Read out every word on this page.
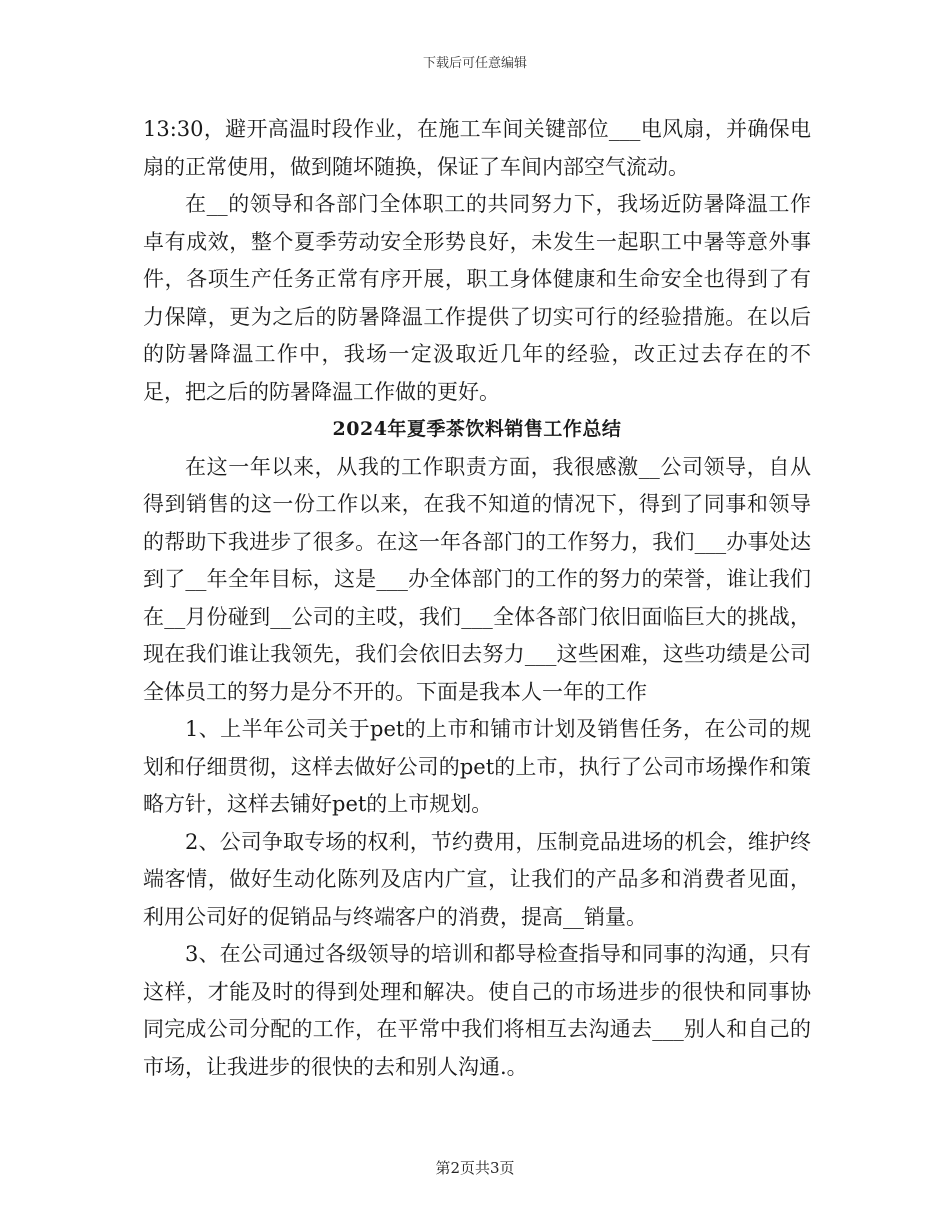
下载后可任意编辑

13:30，避开高温时段作业，在施工车间关键部位___电风扇，并确保电扇的正常使用，做到随坏随换，保证了车间内部空气流动。

在__的领导和各部门全体职工的共同努力下，我场近防暑降温工作卓有成效，整个夏季劳动安全形势良好，未发生一起职工中暑等意外事件，各项生产任务正常有序开展，职工身体健康和生命安全也得到了有力保障，更为之后的防暑降温工作提供了切实可行的经验措施。在以后的防暑降温工作中，我场一定汲取近几年的经验，改正过去存在的不足，把之后的防暑降温工作做的更好。

2024年夏季茶饮料销售工作总结

在这一年以来，从我的工作职责方面，我很感激__公司领导，自从得到销售的这一份工作以来，在我不知道的情况下，得到了同事和领导的帮助下我进步了很多。在这一年各部门的工作努力，我们___办事处达到了__年全年目标，这是___办全体部门的工作的努力的荣誉，谁让我们在__月份碰到__公司的主哎，我们___全体各部门依旧面临巨大的挑战，现在我们谁让我领先，我们会依旧去努力___这些困难，这些功绩是公司全体员工的努力是分不开的。下面是我本人一年的工作

1、上半年公司关于pet的上市和铺市计划及销售任务，在公司的规划和仔细贯彻，这样去做好公司的pet的上市，执行了公司市场操作和策略方针，这样去铺好pet的上市规划。

2、公司争取专场的权利，节约费用，压制竞品进场的机会，维护终端客情，做好生动化陈列及店内广宣，让我们的产品多和消费者见面，利用公司好的促销品与终端客户的消费，提高__销量。

3、在公司通过各级领导的培训和都导检查指导和同事的沟通，只有这样，才能及时的得到处理和解决。使自己的市场进步的很快和同事协同完成公司分配的工作，在平常中我们将相互去沟通去___别人和自己的市场，让我进步的很快的去和别人沟通.。

第2页共3页
